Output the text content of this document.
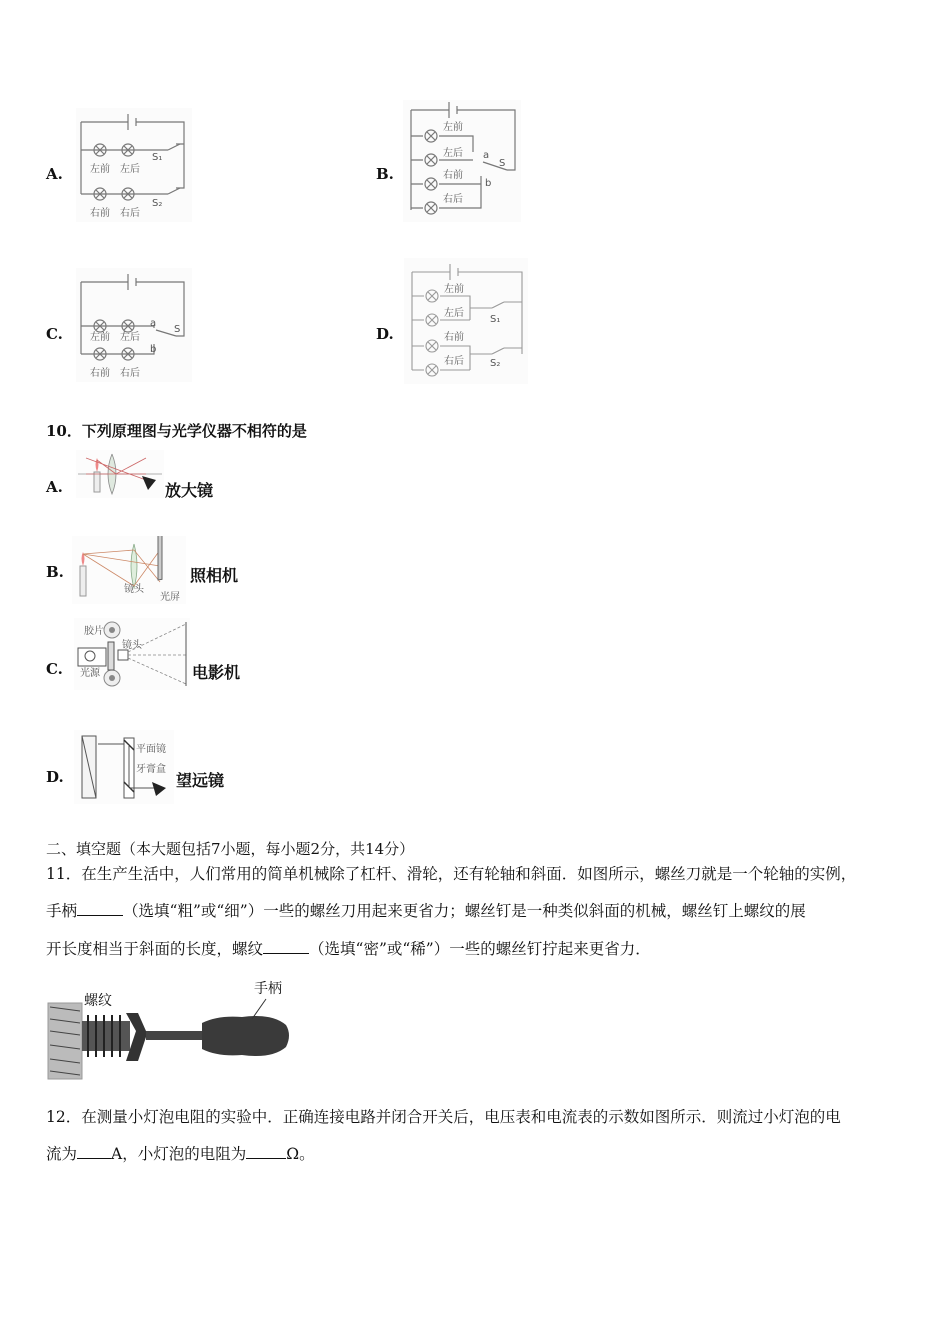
A.	左前 左后
右前 右后
S₁
S₂
B.
左前
左后
右前
右后
a
b
S
C.	左前 左后
右前 右后
a
b
S	D.
左前
左后
右前
右后
S₁
S₂
10．下列原理图与光学仪器不相符的是
A.	放大镜
B.
镜头
光屏
照相机
C.
胶片
镜头
光源	电影机
D.
平面镜
牙膏盒
望远镜
二、填空题（本大题包括7小题，每小题2分，共14分）
11．在生产生活中，人们常用的简单机械除了杠杆、滑轮，还有轮轴和斜面．如图所示，螺丝刀就是一个轮轴的实例，
手柄	（选填“粗”或“细”）一些的螺丝刀用起来更省力；螺丝钉是一种类似斜面的机械，螺丝钉上螺纹的展
开长度相当于斜面的长度，螺纹	（选填“密”或“稀”）一些的螺丝钉拧起来更省力．
螺纹
手柄
12．在测量小灯泡电阻的实验中．正确连接电路并闭合开关后，电压表和电流表的示数如图所示．则流过小灯泡的电
流为 A，小灯泡的电阻为	Ω。
